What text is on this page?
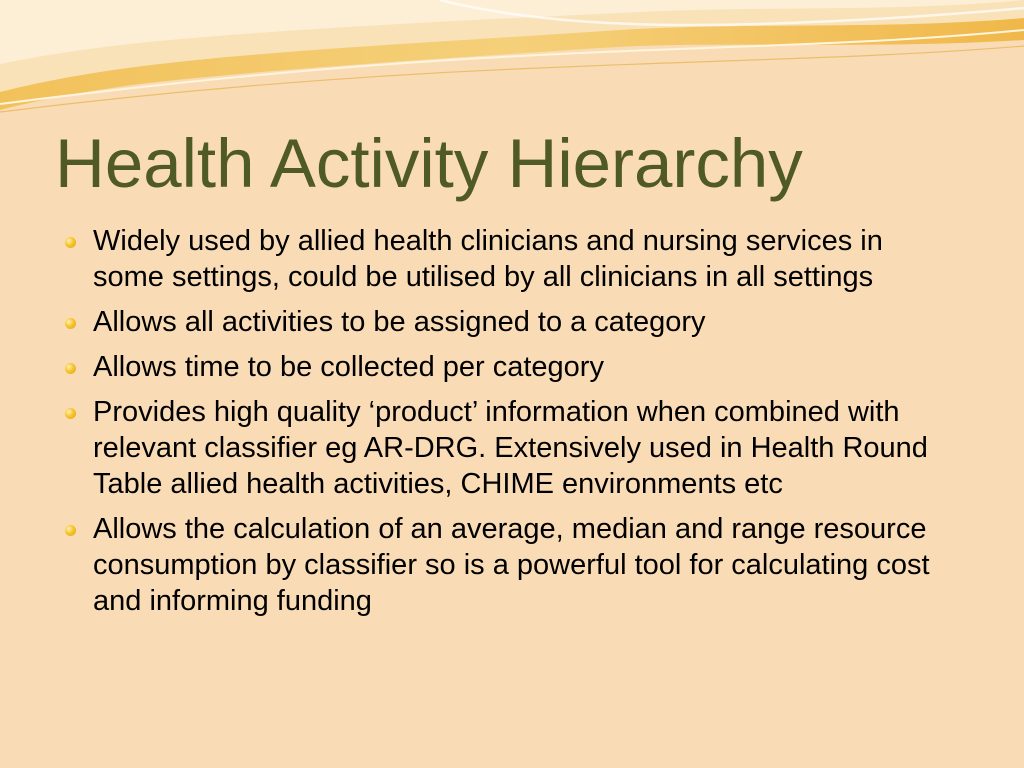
Health Activity Hierarchy
Widely used by allied health clinicians and nursing services in some settings, could be utilised by all clinicians in all settings
Allows all activities to be assigned to a category
Allows time to be collected per category
Provides high quality ‘product’ information when combined with relevant classifier eg AR-DRG. Extensively used in Health Round Table allied health activities, CHIME environments etc
Allows the calculation of an average, median and range resource consumption by classifier so is a powerful tool for calculating cost and informing funding
